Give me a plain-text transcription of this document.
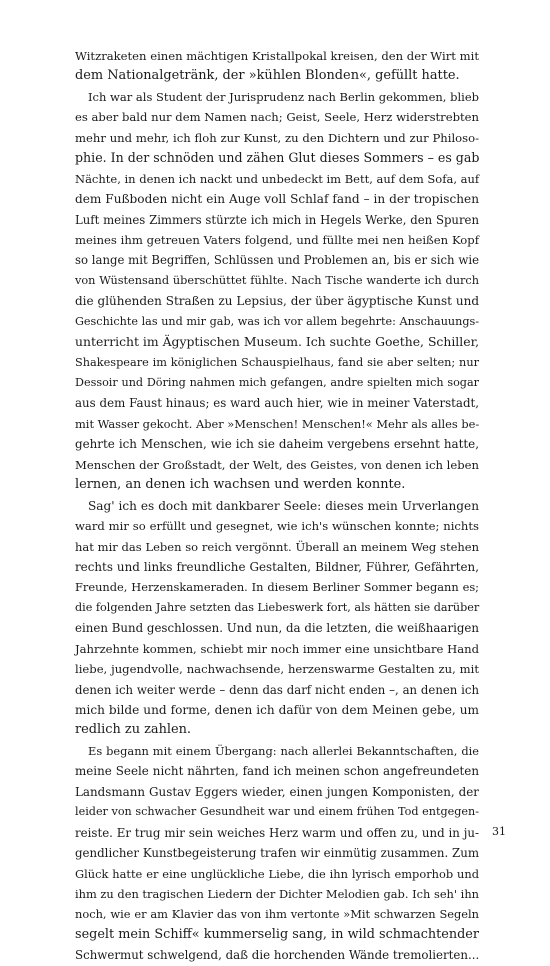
Witzraketen einen mächtigen Kristallpokal kreisen, den der Wirt mit
dem Nationalgetränk, der »kühlen Blonden«, gefüllt hatte.
Ich war als Student der Jurisprudenz nach Berlin gekommen, blieb
es aber bald nur dem Namen nach; Geist, Seele, Herz widerstrebten
mehr und mehr, ich floh zur Kunst, zu den Dichtern und zur Philoso-
phie. In der schnöden und zähen Glut dieses Sommers – es gab
Nächte, in denen ich nackt und unbedeckt im Bett, auf dem Sofa, auf
dem Fußboden nicht ein Auge voll Schlaf fand – in der tropischen
Luft meines Zimmers stürzte ich mich in Hegels Werke, den Spuren
meines ihm getreuen Vaters folgend, und füllte mei nen heißen Kopf
so lange mit Begriffen, Schlüssen und Problemen an, bis er sich wie
von Wüstensand überschüttet fühlte. Nach Tische wanderte ich durch
die glühenden Straßen zu Lepsius, der über ägyptische Kunst und
Geschichte las und mir gab, was ich vor allem begehrte: Anschauungs-
unterricht im Ägyptischen Museum. Ich suchte Goethe, Schiller,
Shakespeare im königlichen Schauspielhaus, fand sie aber selten; nur
Dessoir und Döring nahmen mich gefangen, andre spielten mich sogar
aus dem Faust hinaus; es ward auch hier, wie in meiner Vaterstadt,
mit Wasser gekocht. Aber »Menschen! Menschen!« Mehr als alles be-
gehrte ich Menschen, wie ich sie daheim vergebens ersehnt hatte,
Menschen der Großstadt, der Welt, des Geistes, von denen ich leben
lernen, an denen ich wachsen und werden konnte.
Sag' ich es doch mit dankbarer Seele: dieses mein Urverlangen
ward mir so erfüllt und gesegnet, wie ich's wünschen konnte; nichts
hat mir das Leben so reich vergönnt. Überall an meinem Weg stehen
rechts und links freundliche Gestalten, Bildner, Führer, Gefährten,
Freunde, Herzenskameraden. In diesem Berliner Sommer begann es;
die folgenden Jahre setzten das Liebeswerk fort, als hätten sie darüber
einen Bund geschlossen. Und nun, da die letzten, die weißhaarigen
Jahrzehnte kommen, schiebt mir noch immer eine unsichtbare Hand
liebe, jugendvolle, nachwachsende, herzenswarme Gestalten zu, mit
denen ich weiter werde – denn das darf nicht enden –, an denen ich
mich bilde und forme, denen ich dafür von dem Meinen gebe, um
redlich zu zahlen.
Es begann mit einem Übergang: nach allerlei Bekanntschaften, die
meine Seele nicht nährten, fand ich meinen schon angefreundeten
Landsmann Gustav Eggers wieder, einen jungen Komponisten, der
leider von schwacher Gesundheit war und einem frühen Tod entgegen-
reiste. Er trug mir sein weiches Herz warm und offen zu, und in ju-
gendlicher Kunstbegeisterung trafen wir einmütig zusammen. Zum
Glück hatte er eine unglückliche Liebe, die ihn lyrisch emporhob und
ihm zu den tragischen Liedern der Dichter Melodien gab. Ich seh' ihn
noch, wie er am Klavier das von ihm vertonte »Mit schwarzen Segeln
segelt mein Schiff« kummerselig sang, in wild schmachtender
Schwermut schwelgend, daß die horchenden Wände tremolierten...
31
